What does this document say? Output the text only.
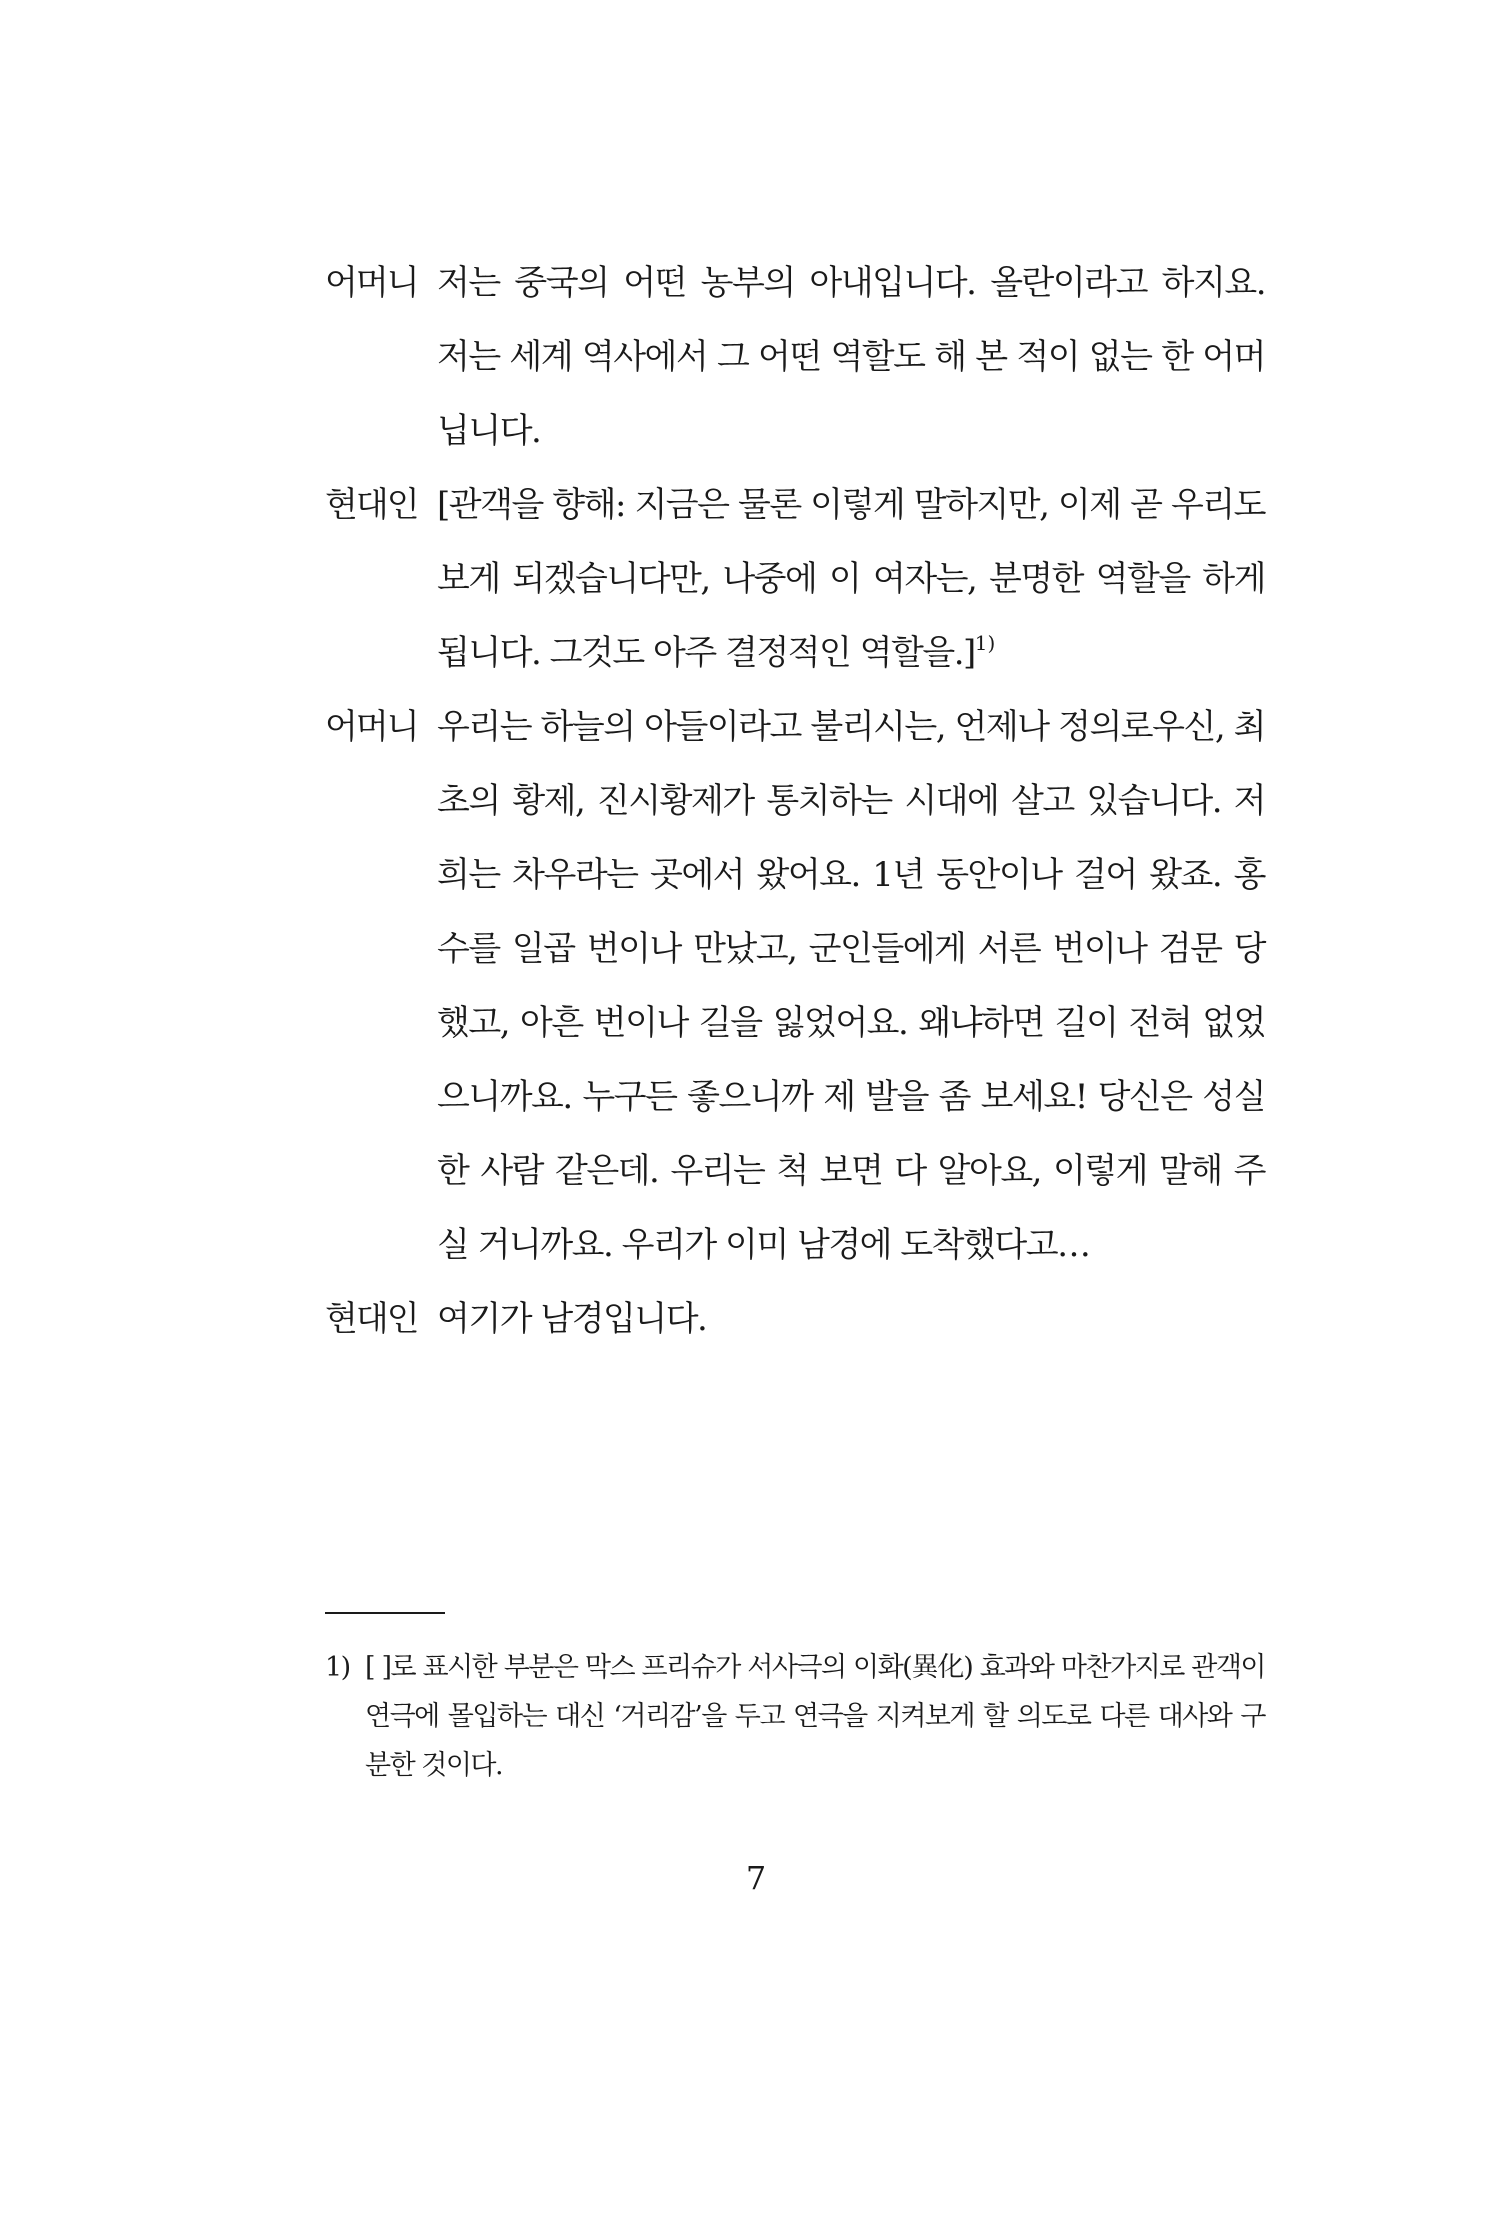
어머니 저는 중국의 어떤 농부의 아내입니다. 올란이라고 하지요. 저는 세계 역사에서 그 어떤 역할도 해 본 적이 없는 한 어머닙니다.

현대인 [관객을 향해: 지금은 물론 이렇게 말하지만, 이제 곧 우리도 보게 되겠습니다만, 나중에 이 여자는, 분명한 역할을 하게 됩니다. 그것도 아주 결정적인 역할을.]$^{1)}$

어머니 우리는 하늘의 아들이라고 불리시는, 언제나 정의로우신, 최초의 황제, 진시황제가 통치하는 시대에 살고 있습니다. 저희는 차우라는 곳에서 왔어요. 1년 동안이나 걸어 왔죠. 홍수를 일곱 번이나 만났고, 군인들에게 서른 번이나 검문 당했고, 아흔 번이나 길을 잃었어요. 왜냐하면 길이 전혀 없었으니까요. 누구든 좋으니까 제 발을 좀 보세요! 당신은 성실한 사람 같은데. 우리는 척 보면 다 알아요, 이렇게 말해 주실 거니까요. 우리가 이미 남경에 도착했다고…

현대인 여기가 남경입니다.

1) [ ]로 표시한 부분은 막스 프리슈가 서사극의 이화(異化) 효과와 마찬가지로 관객이 연극에 몰입하는 대신 ‘거리감’을 두고 연극을 지켜보게 할 의도로 다른 대사와 구분한 것이다.
7
